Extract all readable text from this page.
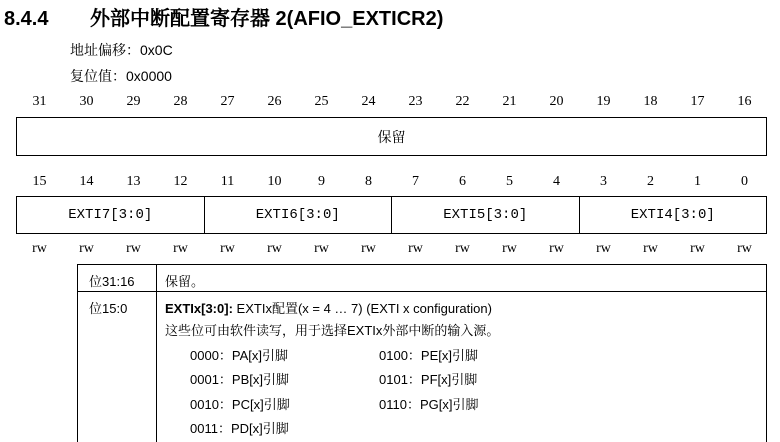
8.4.4 外部中断配置寄存器 2(AFIO_EXTICR2)
地址偏移：0x0C
复位值：0x0000
31	30	29	28	27	26	25	24	23	22	21	20	19	18	17	16
保留
15	14	13	12	11	10	9	8	7	6	5	4	3	2	1	0
EXTI7[3:0]	EXTI6[3:0]	EXTI5[3:0]	EXTI4[3:0]
rw	rw	rw	rw	rw	rw	rw	rw	rw	rw	rw	rw	rw	rw	rw	rw
位31:16 保留。
位15:0	EXTIx[3:0]: EXTIx配置(x = 4 … 7) (EXTI x configuration)
这些位可由软件读写，用于选择EXTIx外部中断的输入源。
0000：PA[x]引脚	0100：PE[x]引脚
0001：PB[x]引脚	0101：PF[x]引脚
0010：PC[x]引脚	0110：PG[x]引脚
0011：PD[x]引脚
